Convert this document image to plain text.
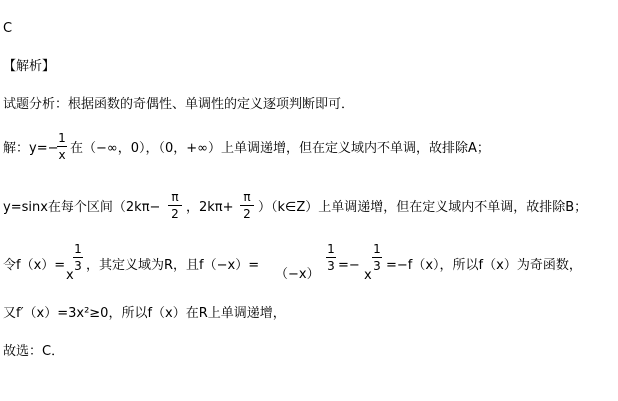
C
【解析】
试题分析：根据函数的奇偶性、单调性的定义逐项判断即可．
解：y=−
1
x 在（−∞，0），（0，+∞）上单调递增，但在定义域内不单调，故排除A；
y=sinx在每个区间（2kπ−
π
2 ，2kπ+
π
2 ）（k∈Z）上单调递增，但在定义域内不单调，故排除B；
令f（x）=
x
1
3 ，其定义域为R，且f（−x）=
（−x）
1
3 =−
x
1
3 =−f（x），所以f（x）为奇函数，
又f′（x）=3x²≥0，所以f（x）在R上单调递增，
故选：C．
